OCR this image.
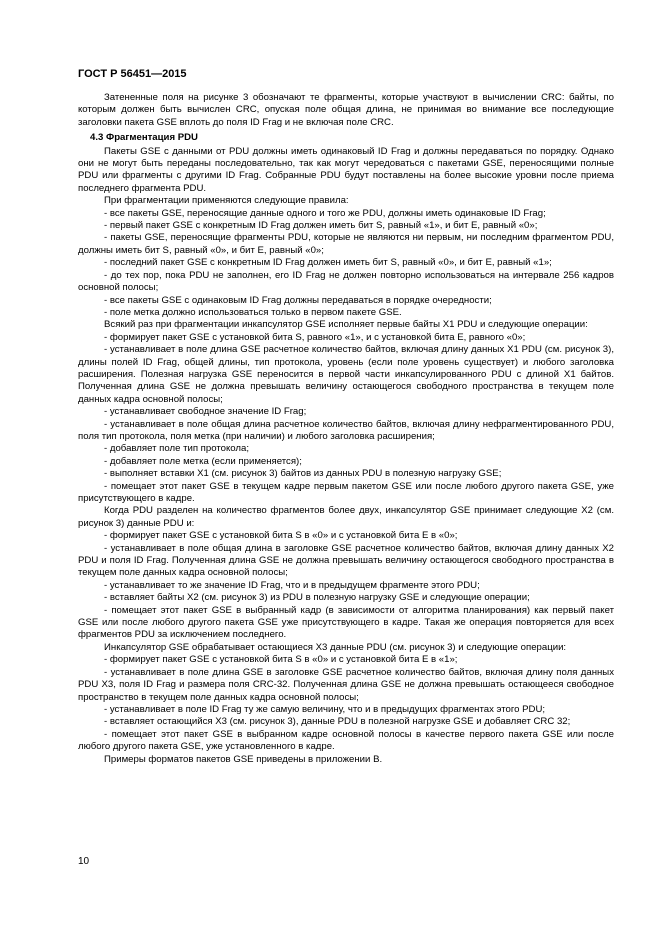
ГОСТ Р 56451—2015

Затененные поля на рисунке 3 обозначают те фрагменты, которые участвуют в вычислении CRC: байты, по которым должен быть вычислен CRC, опуская поле общая длина, не принимая во внимание все последующие заголовки пакета GSE вплоть до поля ID Frag и не включая поле CRC.

4.3 Фрагментация PDU

Пакеты GSE с данными от PDU должны иметь одинаковый ID Frag и должны передаваться по порядку. Однако они не могут быть переданы последовательно, так как могут чередоваться с пакетами GSE, переносящими полные PDU или фрагменты с другими ID Frag. Собранные PDU будут поставлены на более высокие уровни после приема последнего фрагмента PDU.

При фрагментации применяются следующие правила:

- все пакеты GSE, переносящие данные одного и того же PDU, должны иметь одинаковые ID Frag;

- первый пакет GSE с конкретным ID Frag должен иметь бит S, равный «1», и бит E, равный «0»;

- пакеты GSE, переносящие фрагменты PDU, которые не являются ни первым, ни последним фрагментом PDU, должны иметь бит S, равный «0», и бит E, равный «0»;

- последний пакет GSE с конкретным ID Frag должен иметь бит S, равный «0», и бит E, равный «1»;

- до тех пор, пока PDU не заполнен, его ID Frag не должен повторно использоваться на интервале 256 кадров основной полосы;

- все пакеты GSE с одинаковым ID Frag должны передаваться в порядке очередности;

- поле метка должно использоваться только в первом пакете GSE.

Всякий раз при фрагментации инкапсулятор GSE исполняет первые байты X1 PDU и следующие операции:

- формирует пакет GSE с установкой бита S, равного «1», и с установкой бита E, равного «0»;

- устанавливает в поле длина GSE расчетное количество байтов, включая длину данных X1 PDU (см. рисунок 3), длины полей ID Frag, общей длины, тип протокола, уровень (если поле уровень существует) и любого заголовка расширения. Полезная нагрузка GSE переносится в первой части инкапсулированного PDU с длиной X1 байтов. Полученная длина GSE не должна превышать величину остающегося свободного пространства в текущем поле данных кадра основной полосы;

- устанавливает свободное значение ID Frag;

- устанавливает в поле общая длина расчетное количество байтов, включая длину нефрагментированного PDU, поля тип протокола, поля метка (при наличии) и любого заголовка расширения;

- добавляет поле тип протокола;

- добавляет поле метка (если применяется);

- выполняет вставки X1 (см. рисунок 3) байтов из данных PDU в полезную нагрузку GSE;

- помещает этот пакет GSE в текущем кадре первым пакетом GSE или после любого другого пакета GSE, уже присутствующего в кадре.

Когда PDU разделен на количество фрагментов более двух, инкапсулятор GSE принимает следующие X2 (см. рисунок 3) данные PDU и:

- формирует пакет GSE с установкой бита S в «0» и с установкой бита E в «0»;

- устанавливает в поле общая длина в заголовке GSE расчетное количество байтов, включая длину данных X2 PDU и поля ID Frag. Полученная длина GSE не должна превышать величину остающегося свободного пространства в текущем поле данных кадра основной полосы;

- устанавливает то же значение ID Frag, что и в предыдущем фрагменте этого PDU;

- вставляет байты X2 (см. рисунок 3) из PDU в полезную нагрузку GSE и следующие операции;

- помещает этот пакет GSE в выбранный кадр (в зависимости от алгоритма планирования) как первый пакет GSE или после любого другого пакета GSE уже присутствующего в кадре. Такая же операция повторяется для всех фрагментов PDU за исключением последнего.

Инкапсулятор GSE обрабатывает остающиеся X3 данные PDU (см. рисунок 3) и следующие операции:

- формирует пакет GSE с установкой бита S в «0» и с установкой бита E в «1»;

- устанавливает в поле длина GSE в заголовке GSE расчетное количество байтов, включая длину поля данных PDU X3, поля ID Frag и размера поля CRC-32. Полученная длина GSE не должна превышать остающееся свободное пространство в текущем поле данных кадра основной полосы;

- устанавливает в поле ID Frag ту же самую величину, что и в предыдущих фрагментах этого PDU;

- вставляет остающийся X3 (см. рисунок 3), данные PDU в полезной нагрузке GSE и добавляет CRC 32;

- помещает этот пакет GSE в выбранном кадре основной полосы в качестве первого пакета GSE или после любого другого пакета GSE, уже установленного в кадре.

Примеры форматов пакетов GSE приведены в приложении В.

10
